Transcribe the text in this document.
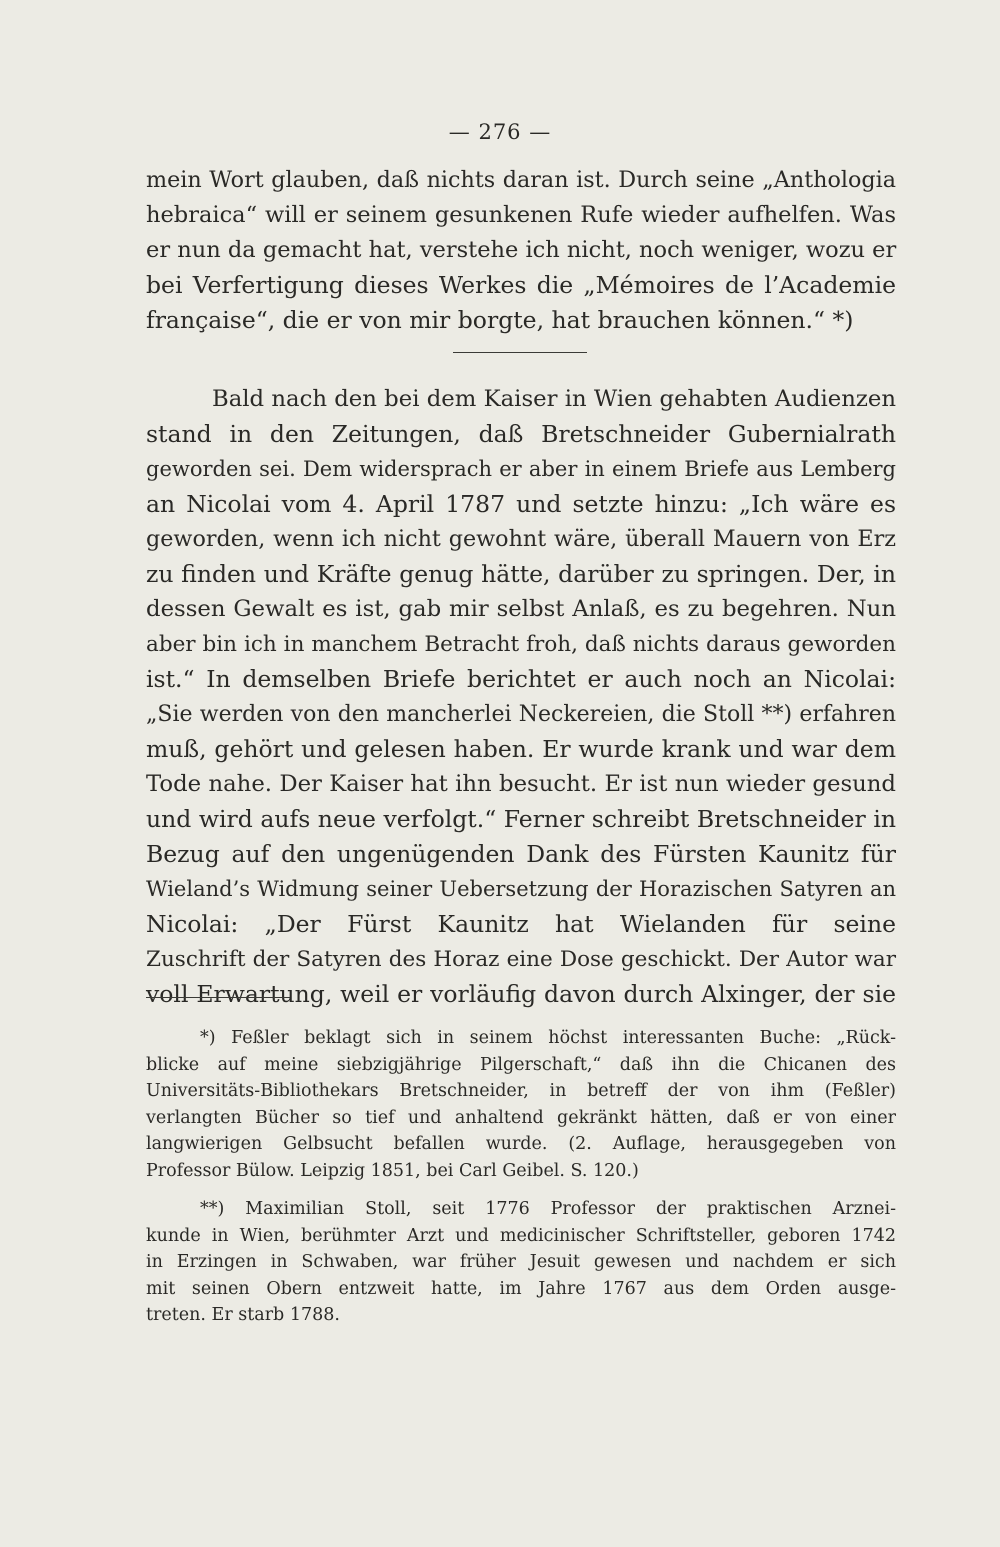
— 276 —
mein Wort glauben, daß nichts daran ist. Durch seine „Anthologia
hebraica“ will er seinem gesunkenen Rufe wieder aufhelfen. Was
er nun da gemacht hat, verstehe ich nicht, noch weniger, wozu er
bei Verfertigung dieses Werkes die „Mémoires de l’Academie
française“, die er von mir borgte, hat brauchen können.“ *)
Bald nach den bei dem Kaiser in Wien gehabten Audienzen
stand in den Zeitungen, daß Bretschneider Gubernialrath
geworden sei. Dem widersprach er aber in einem Briefe aus Lemberg
an Nicolai vom 4. April 1787 und setzte hinzu: „Ich wäre es
geworden, wenn ich nicht gewohnt wäre, überall Mauern von Erz
zu finden und Kräfte genug hätte, darüber zu springen. Der, in
dessen Gewalt es ist, gab mir selbst Anlaß, es zu begehren. Nun
aber bin ich in manchem Betracht froh, daß nichts daraus geworden
ist.“ In demselben Briefe berichtet er auch noch an Nicolai:
„Sie werden von den mancherlei Neckereien, die Stoll **) erfahren
muß, gehört und gelesen haben. Er wurde krank und war dem
Tode nahe. Der Kaiser hat ihn besucht. Er ist nun wieder gesund
und wird aufs neue verfolgt.“ Ferner schreibt Bretschneider in
Bezug auf den ungenügenden Dank des Fürsten Kaunitz für
Wieland’s Widmung seiner Uebersetzung der Horazischen Satyren an
Nicolai: „Der Fürst Kaunitz hat Wielanden für seine
Zuschrift der Satyren des Horaz eine Dose geschickt. Der Autor war
voll Erwartung, weil er vorläufig davon durch Alxinger, der sie
*) Feßler beklagt sich in seinem höchst interessanten Buche: „Rück-
blicke auf meine siebzigjährige Pilgerschaft,“ daß ihn die Chicanen des
Universitäts-Bibliothekars Bretschneider, in betreff der von ihm (Feßler)
verlangten Bücher so tief und anhaltend gekränkt hätten, daß er von einer
langwierigen Gelbsucht befallen wurde. (2. Auflage, herausgegeben von
Professor Bülow. Leipzig 1851, bei Carl Geibel. S. 120.)
**) Maximilian Stoll, seit 1776 Professor der praktischen Arznei-
kunde in Wien, berühmter Arzt und medicinischer Schriftsteller, geboren 1742
in Erzingen in Schwaben, war früher Jesuit gewesen und nachdem er sich
mit seinen Obern entzweit hatte, im Jahre 1767 aus dem Orden ausge-
treten. Er starb 1788.
